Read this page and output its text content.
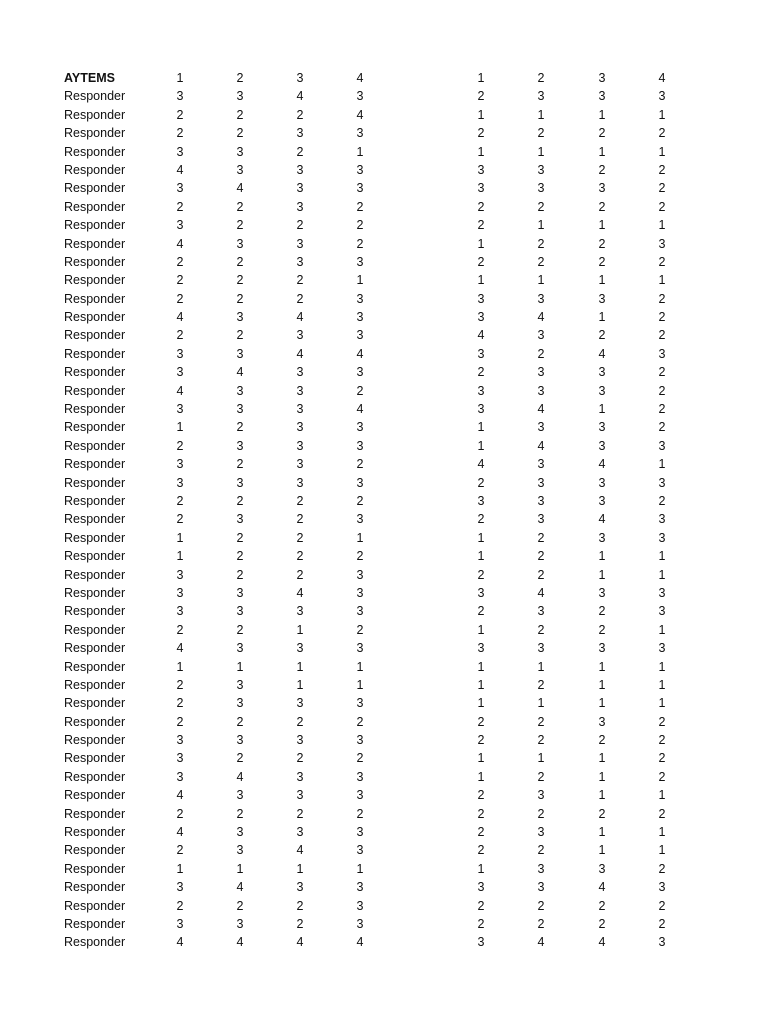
AYTEMS	1	2	3	4	1	2	3	4
Responder	3	3	4	3	2	3	3	3
Responder	2	2	2	4	1	1	1	1
Responder	2	2	3	3	2	2	2	2
Responder	3	3	2	1	1	1	1	1
Responder	4	3	3	3	3	3	2	2
Responder	3	4	3	3	3	3	3	2
Responder	2	2	3	2	2	2	2	2
Responder	3	2	2	2	2	1	1	1
Responder	4	3	3	2	1	2	2	3
Responder	2	2	3	3	2	2	2	2
Responder	2	2	2	1	1	1	1	1
Responder	2	2	2	3	3	3	3	2
Responder	4	3	4	3	3	4	1	2
Responder	2	2	3	3	4	3	2	2
Responder	3	3	4	4	3	2	4	3
Responder	3	4	3	3	2	3	3	2
Responder	4	3	3	2	3	3	3	2
Responder	3	3	3	4	3	4	1	2
Responder	1	2	3	3	1	3	3	2
Responder	2	3	3	3	1	4	3	3
Responder	3	2	3	2	4	3	4	1
Responder	3	3	3	3	2	3	3	3
Responder	2	2	2	2	3	3	3	2
Responder	2	3	2	3	2	3	4	3
Responder	1	2	2	1	1	2	3	3
Responder	1	2	2	2	1	2	1	1
Responder	3	2	2	3	2	2	1	1
Responder	3	3	4	3	3	4	3	3
Responder	3	3	3	3	2	3	2	3
Responder	2	2	1	2	1	2	2	1
Responder	4	3	3	3	3	3	3	3
Responder	1	1	1	1	1	1	1	1
Responder	2	3	1	1	1	2	1	1
Responder	2	3	3	3	1	1	1	1
Responder	2	2	2	2	2	2	3	2
Responder	3	3	3	3	2	2	2	2
Responder	3	2	2	2	1	1	1	2
Responder	3	4	3	3	1	2	1	2
Responder	4	3	3	3	2	3	1	1
Responder	2	2	2	2	2	2	2	2
Responder	4	3	3	3	2	3	1	1
Responder	2	3	4	3	2	2	1	1
Responder	1	1	1	1	1	3	3	2
Responder	3	4	3	3	3	3	4	3
Responder	2	2	2	3	2	2	2	2
Responder	3	3	2	3	2	2	2	2
Responder	4	4	4	4	3	4	4	3
